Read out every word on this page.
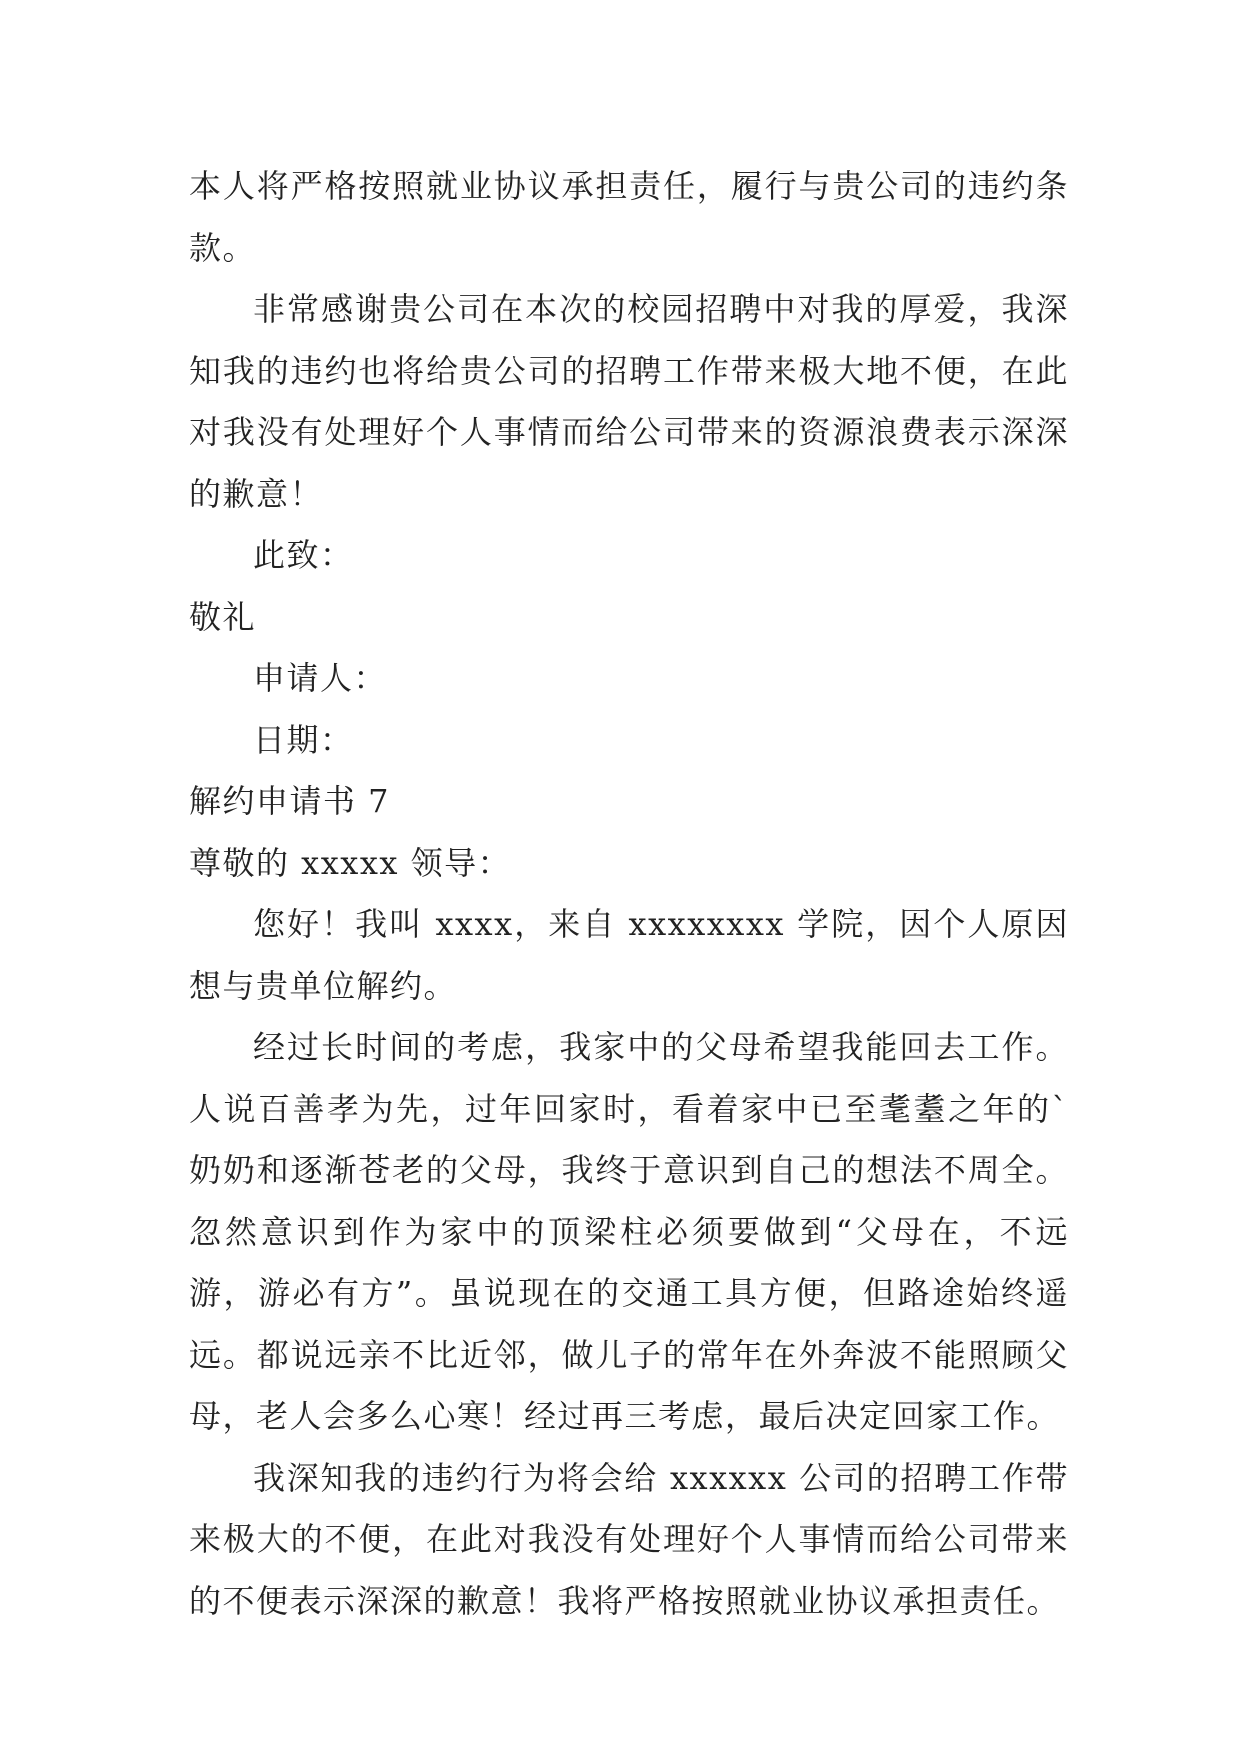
本人将严格按照就业协议承担责任，履行与贵公司的违约条款。

非常感谢贵公司在本次的校园招聘中对我的厚爱，我深知我的违约也将给贵公司的招聘工作带来极大地不便，在此对我没有处理好个人事情而给公司带来的资源浪费表示深深的歉意！

此致：

敬礼

申请人：

日期：

解约申请书 7

尊敬的 xxxxx 领导：

您好！我叫 xxxx，来自 xxxxxxxx 学院，因个人原因想与贵单位解约。

经过长时间的考虑，我家中的父母希望我能回去工作。人说百善孝为先，过年回家时，看着家中已至耄耋之年的`奶奶和逐渐苍老的父母，我终于意识到自己的想法不周全。忽然意识到作为家中的顶梁柱必须要做到“父母在，不远游，游必有方”。虽说现在的交通工具方便，但路途始终遥远。都说远亲不比近邻，做儿子的常年在外奔波不能照顾父母，老人会多么心寒！经过再三考虑，最后决定回家工作。

我深知我的违约行为将会给 xxxxxx 公司的招聘工作带来极大的不便，在此对我没有处理好个人事情而给公司带来的不便表示深深的歉意！我将严格按照就业协议承担责任。
